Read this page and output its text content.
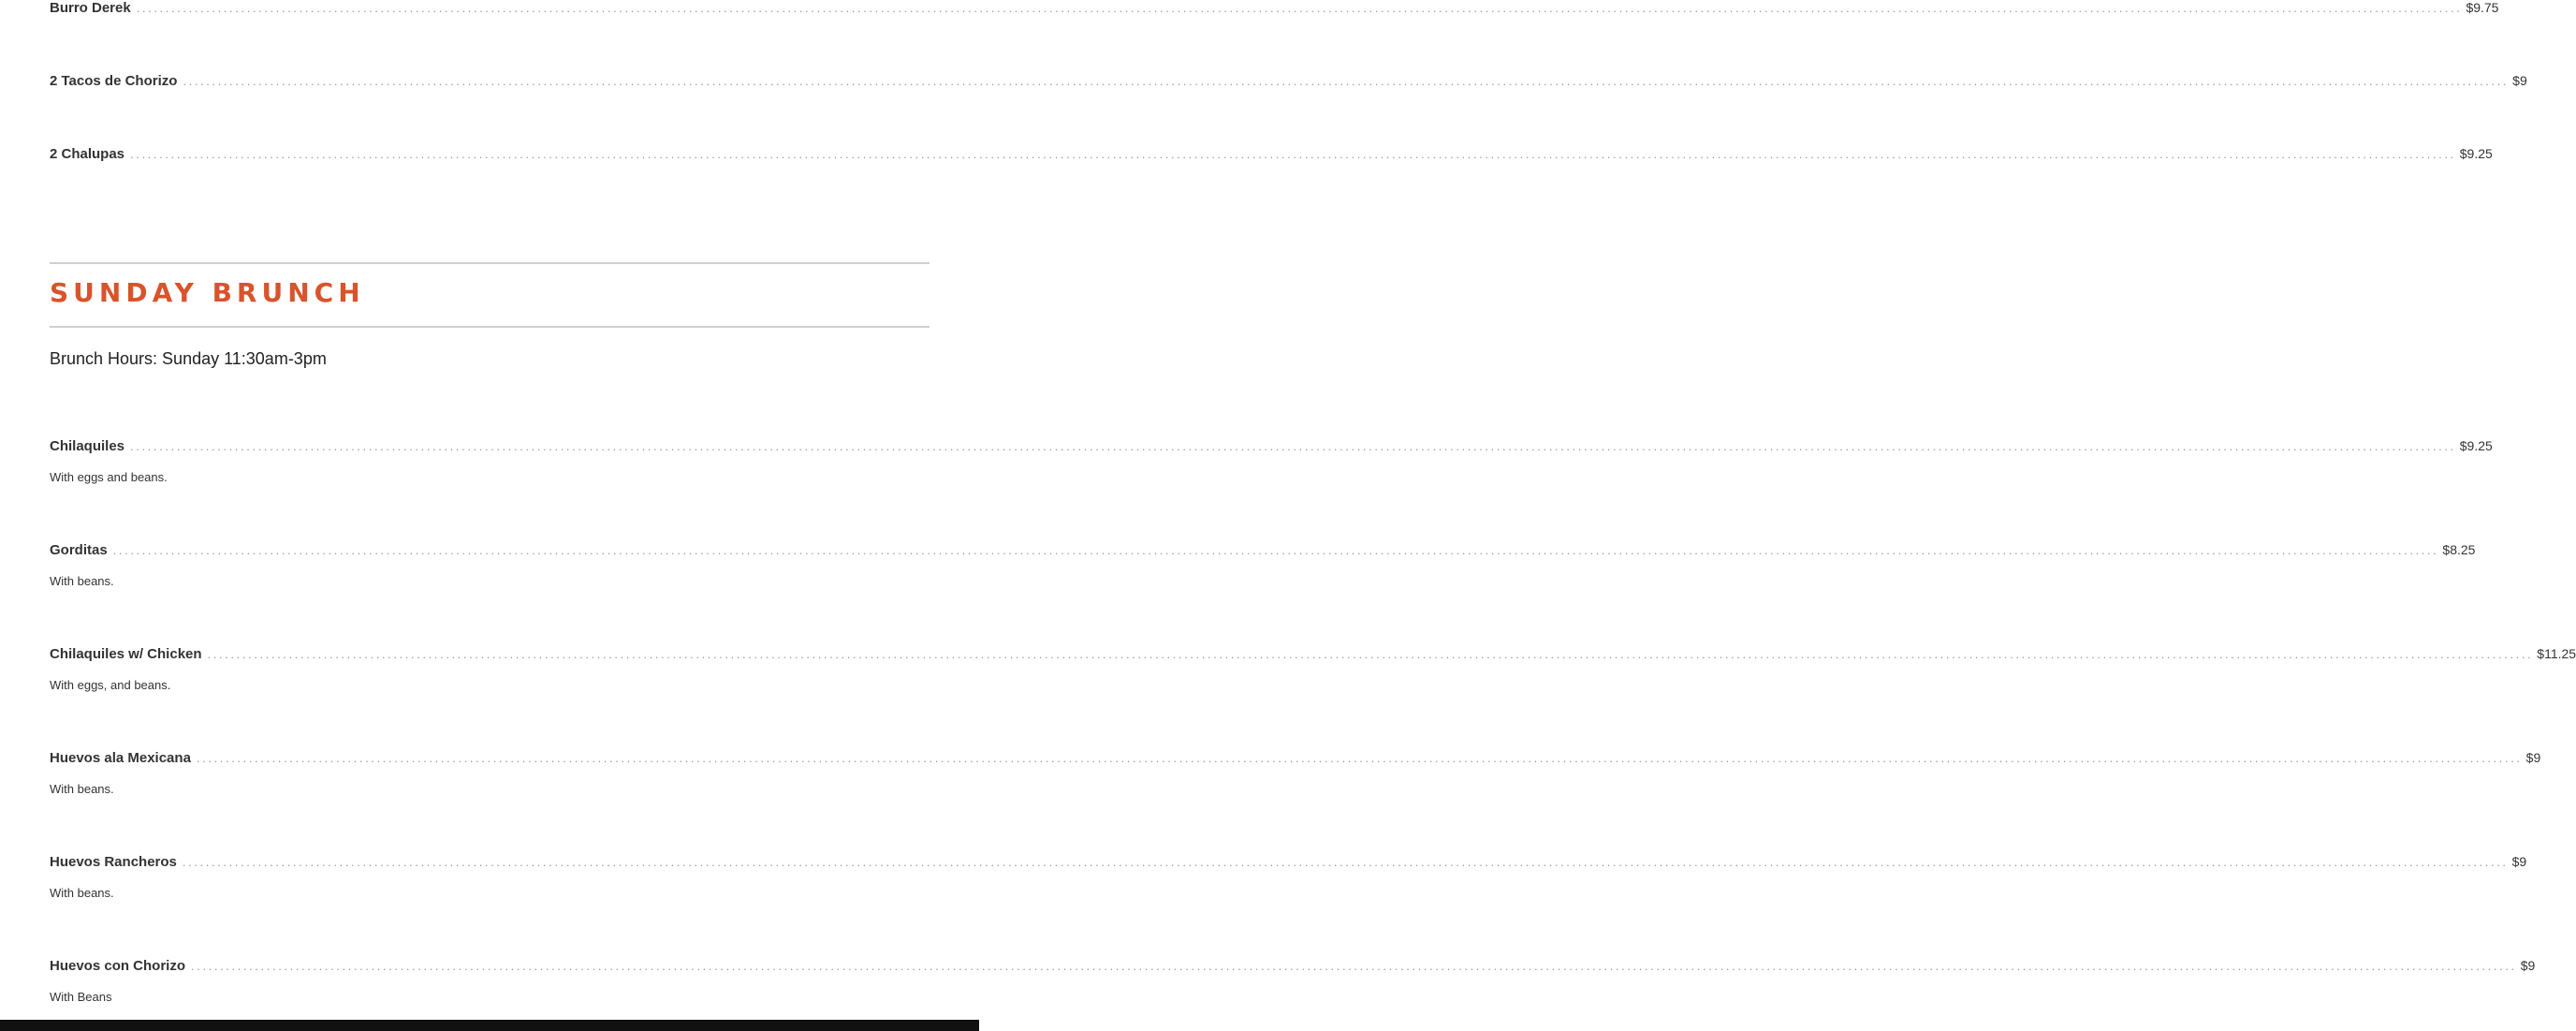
Burro Derek ................................................................................................................................................................................................................................................................................................................................................................................................................ $9.75
2 Tacos de Chorizo ................................................................................................................................................................................................................................................................................................................................................................................................................ $9
2 Chalupas ................................................................................................................................................................................................................................................................................................................................................................................................................ $9.25
SUNDAY BRUNCH
Brunch Hours: Sunday 11:30am-3pm
Chilaquiles ................................................................................................................................................................................................................................................................................................................................................................................................................ $9.25
With eggs and beans.
Gorditas ................................................................................................................................................................................................................................................................................................................................................................................................................ $8.25
With beans.
Chilaquiles w/ Chicken ................................................................................................................................................................................................................................................................................................................................................................................................................ $11.25
With eggs, and beans.
Huevos ala Mexicana ................................................................................................................................................................................................................................................................................................................................................................................................................ $9
With beans.
Huevos Rancheros ................................................................................................................................................................................................................................................................................................................................................................................................................ $9
With beans.
Huevos con Chorizo ................................................................................................................................................................................................................................................................................................................................................................................................................ $9
With Beans
